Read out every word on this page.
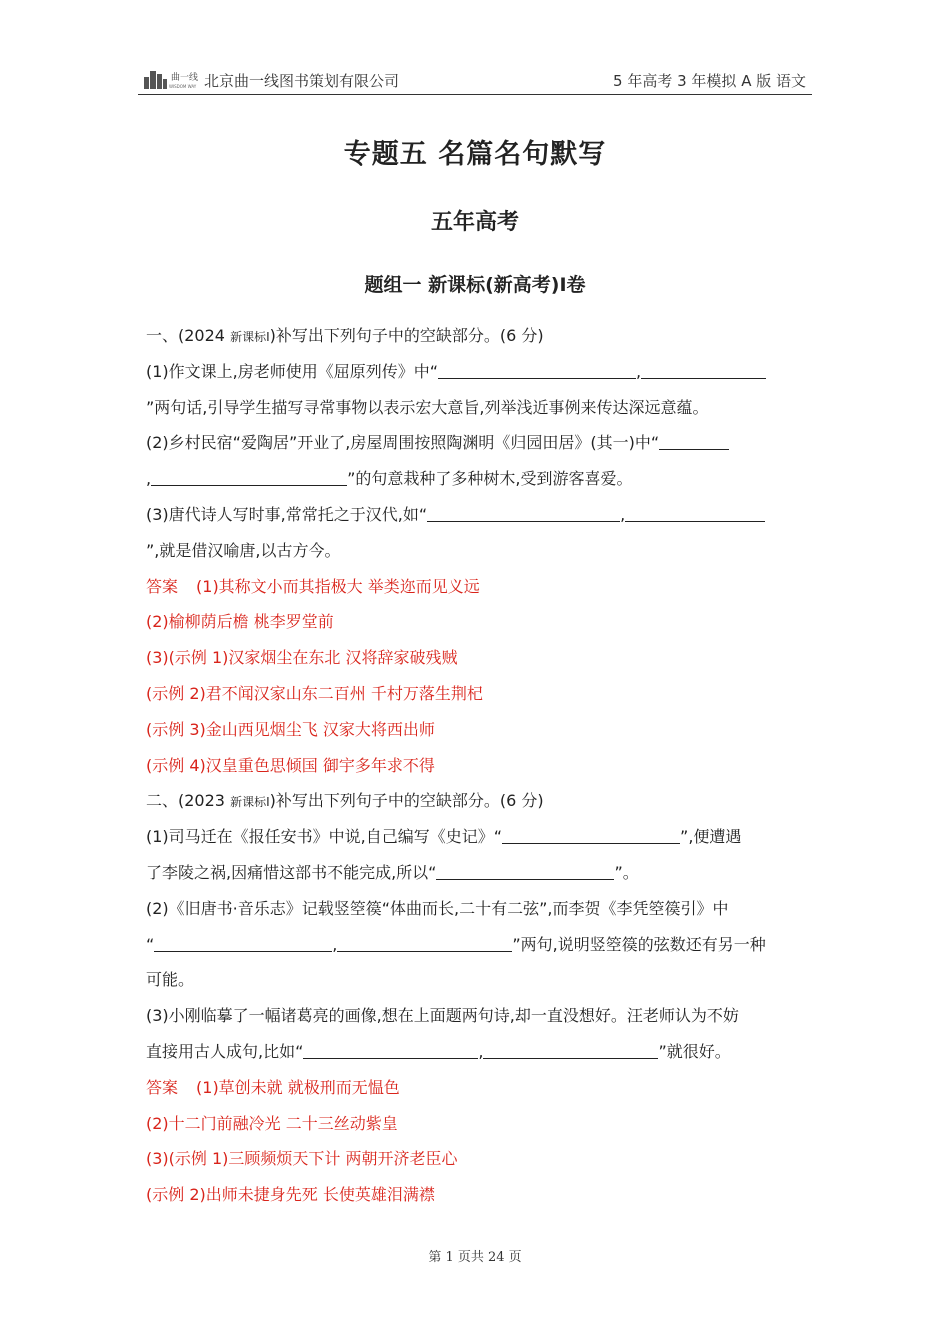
曲一线
WISDOM WAY 北京曲一线图书策划有限公司	5 年高考 3 年模拟 A 版 语文
专题五 名篇名句默写
五年高考
题组一 新课标(新高考)Ⅰ卷
一、(2024 新课标Ⅰ)补写出下列句子中的空缺部分。(6 分)
(1)作文课上,房老师使用《屈原列传》中“	,
”两句话,引导学生描写寻常事物以表示宏大意旨,列举浅近事例来传达深远意蕴。
(2)乡村民宿“爱陶居”开业了,房屋周围按照陶渊明《归园田居》(其一)中“
,	”的句意栽种了多种树木,受到游客喜爱。
(3)唐代诗人写时事,常常托之于汉代,如“	,
”,就是借汉喻唐,以古方今。
答案 (1)其称文小而其指极大 举类迩而见义远
(2)榆柳荫后檐 桃李罗堂前
(3)(示例 1)汉家烟尘在东北 汉将辞家破残贼
(示例 2)君不闻汉家山东二百州 千村万落生荆杞
(示例 3)金山西见烟尘飞 汉家大将西出师
(示例 4)汉皇重色思倾国 御宇多年求不得
二、(2023 新课标Ⅰ)补写出下列句子中的空缺部分。(6 分)
(1)司马迁在《报任安书》中说,自己编写《史记》“	”,便遭遇
了李陵之祸,因痛惜这部书不能完成,所以“	”。
(2)《旧唐书·音乐志》记载竖箜篌“体曲而长,二十有二弦”,而李贺《李凭箜篌引》中
“	,	”两句,说明竖箜篌的弦数还有另一种
可能。
(3)小刚临摹了一幅诸葛亮的画像,想在上面题两句诗,却一直没想好。汪老师认为不妨
直接用古人成句,比如“	,	”就很好。
答案 (1)草创未就 就极刑而无愠色
(2)十二门前融冷光 二十三丝动紫皇
(3)(示例 1)三顾频烦天下计 两朝开济老臣心
(示例 2)出师未捷身先死 长使英雄泪满襟
第 1 页共 24 页
